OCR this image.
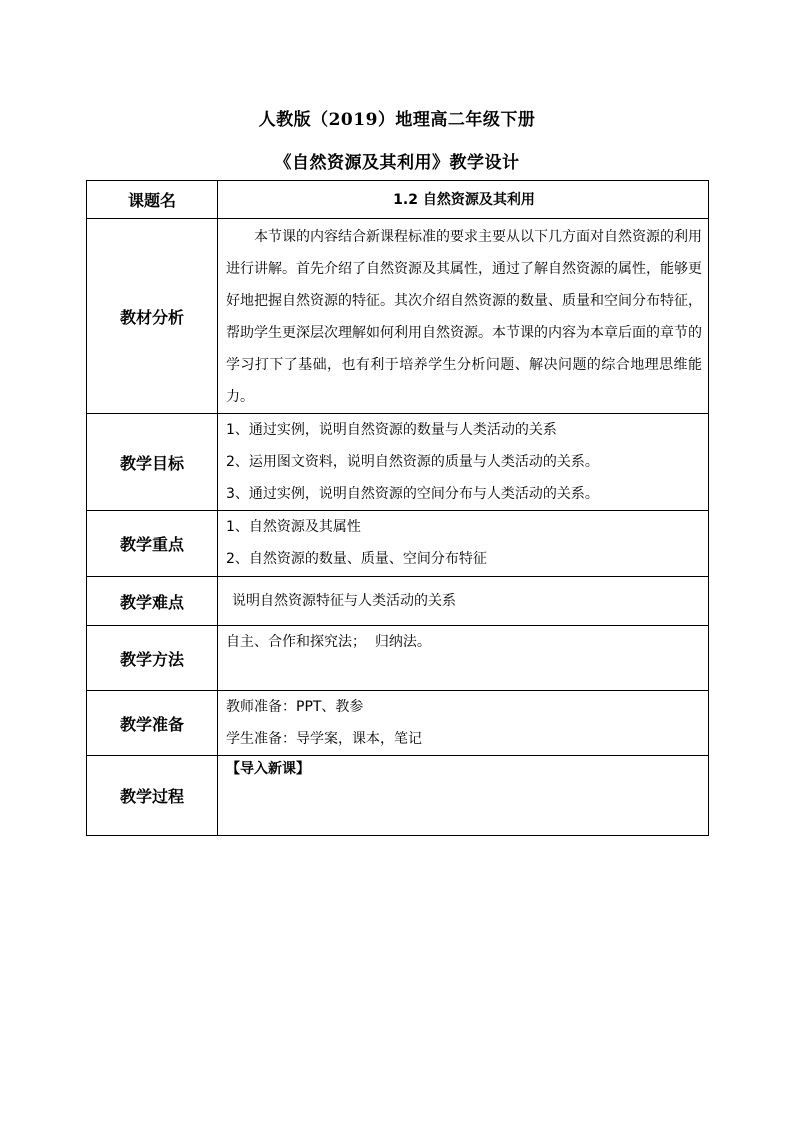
人教版（2019）地理高二年级下册
《自然资源及其利用》教学设计
课题名	1.2 自然资源及其利用
教材分析	本节课的内容结合新课程标准的要求主要从以下几方面对自然资源的利用进行讲解。首先介绍了自然资源及其属性，通过了解自然资源的属性，能够更好地把握自然资源的特征。其次介绍自然资源的数量、质量和空间分布特征，帮助学生更深层次理解如何利用自然资源。本节课的内容为本章后面的章节的学习打下了基础，也有利于培养学生分析问题、解决问题的综合地理思维能力。

教学目标	1、通过实例，说明自然资源的数量与人类活动的关系
2、运用图文资料，说明自然资源的质量与人类活动的关系。
3、通过实例，说明自然资源的空间分布与人类活动的关系。

教学重点	1、自然资源及其属性
2、自然资源的数量、质量、空间分布特征

教学难点	说明自然资源特征与人类活动的关系
教学方法	自主、合作和探究法；  归纳法。
教学准备	教师准备：PPT、教参
学生准备：导学案，课本，笔记

教学过程	【导入新课】
